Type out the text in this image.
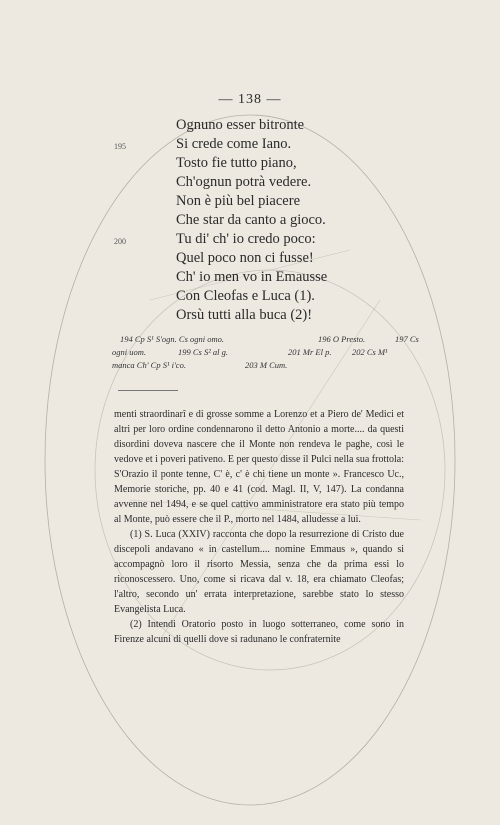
— 138 —
195
200
Ognuno esser bitronte
Si crede come Iano.
Tosto fie tutto piano,
Ch'ognun potrà vedere.
Non è più bel piacere
Che star da canto a gioco.
Tu di' ch' io credo poco:
Quel poco non ci fusse!
Ch' io men vo in Emausse
Con Cleofas e Luca (1).
Orsù tutti alla buca (2)!
194 Cp S¹ S'ogn. Cs ogni omo.	196 O Presto.	197 Cs
ogni uom.	199 Cs S² al g.	201 Mr El p. 202 Cs M¹
manca Ch' Cp S¹ i'co.	203 M Cum.

menti straordinarî e di grosse somme a Lorenzo et a Piero de' Medici et altri per loro ordine condennarono il detto Antonio a morte.... da questi disordini doveva nascere che il Monte non rendeva le paghe, così le vedove et i poveri pativeno. E per questo disse il Pulci nella sua frottola: S'Orazio il ponte tenne, C' è, c' è chi tiene un monte ». Francesco Uc., Memorie storiche, pp. 40 e 41 (cod. Magl. II, V, 147). La condanna avvenne nel 1494, e se quel cattivo amministratore era stato più tempo al Monte, può essere che il P., morto nel 1484, alludesse a lui.

(1) S. Luca (XXIV) racconta che dopo la resurrezione di Cristo due discepoli andavano « in castellum.... nomine Emmaus », quando si accompagnò loro il risorto Messia, senza che da prima essi lo riconoscessero. Uno, come si ricava dal v. 18, era chiamato Cleofas; l'altro, secondo un' errata interpretazione, sarebbe stato lo stesso Evangelista Luca.

(2) Intendi Oratorio posto in luogo sotterraneo, come sono in Firenze alcuni di quelli dove si radunano le confraternite
